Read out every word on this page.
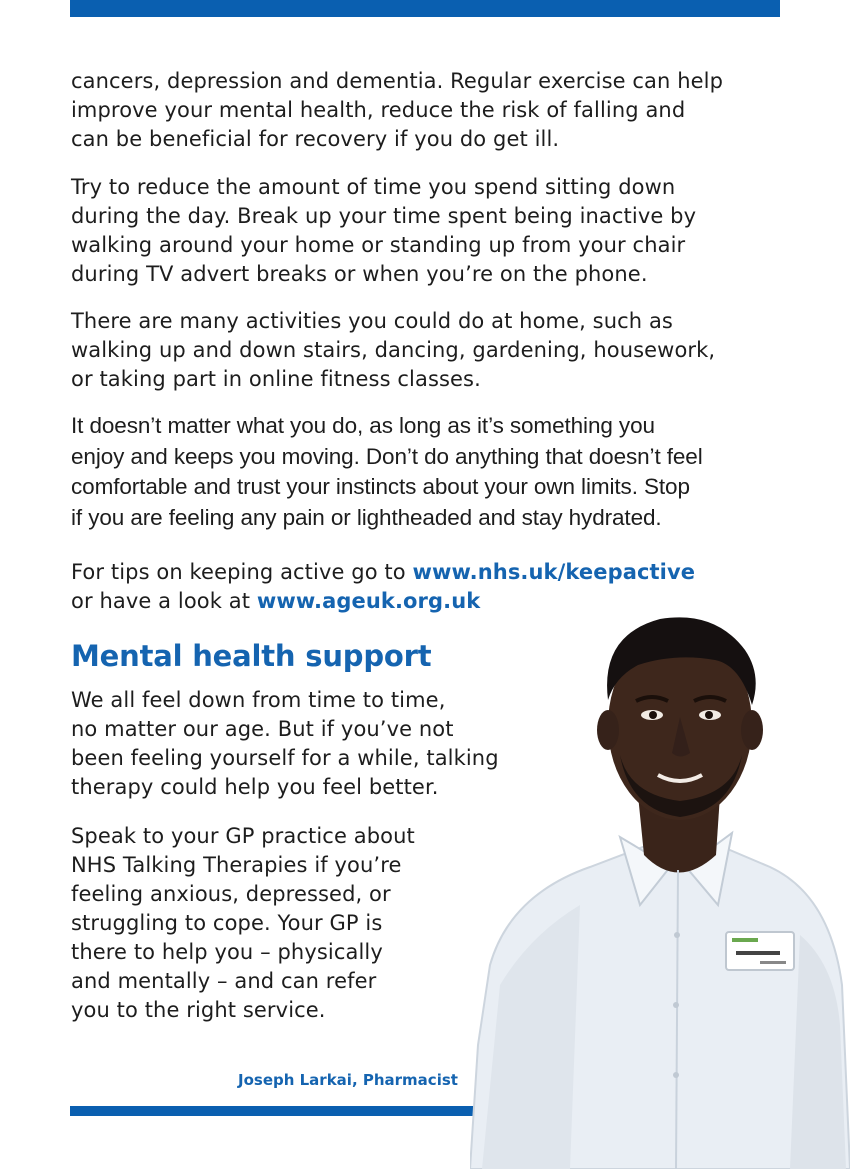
cancers, depression and dementia. Regular exercise can help
improve your mental health, reduce the risk of falling and
can be beneficial for recovery if you do get ill.

Try to reduce the amount of time you spend sitting down
during the day. Break up your time spent being inactive by
walking around your home or standing up from your chair
during TV advert breaks or when you’re on the phone.

There are many activities you could do at home, such as
walking up and down stairs, dancing, gardening, housework,
or taking part in online fitness classes.

It doesn’t matter what you do, as long as it’s something you
enjoy and keeps you moving. Don’t do anything that doesn’t feel
comfortable and trust your instincts about your own limits. Stop
if you are feeling any pain or lightheaded and stay hydrated.

For tips on keeping active go to www.nhs.uk/keepactive
or have a look at www.ageuk.org.uk
Mental health support

We all feel down from time to time,
no matter our age. But if you’ve not
been feeling yourself for a while, talking
therapy could help you feel better.

Speak to your GP practice about
NHS Talking Therapies if you’re
feeling anxious, depressed, or
struggling to cope. Your GP is
there to help you – physically
and mentally – and can refer
you to the right service.

Joseph Larkai, Pharmacist
